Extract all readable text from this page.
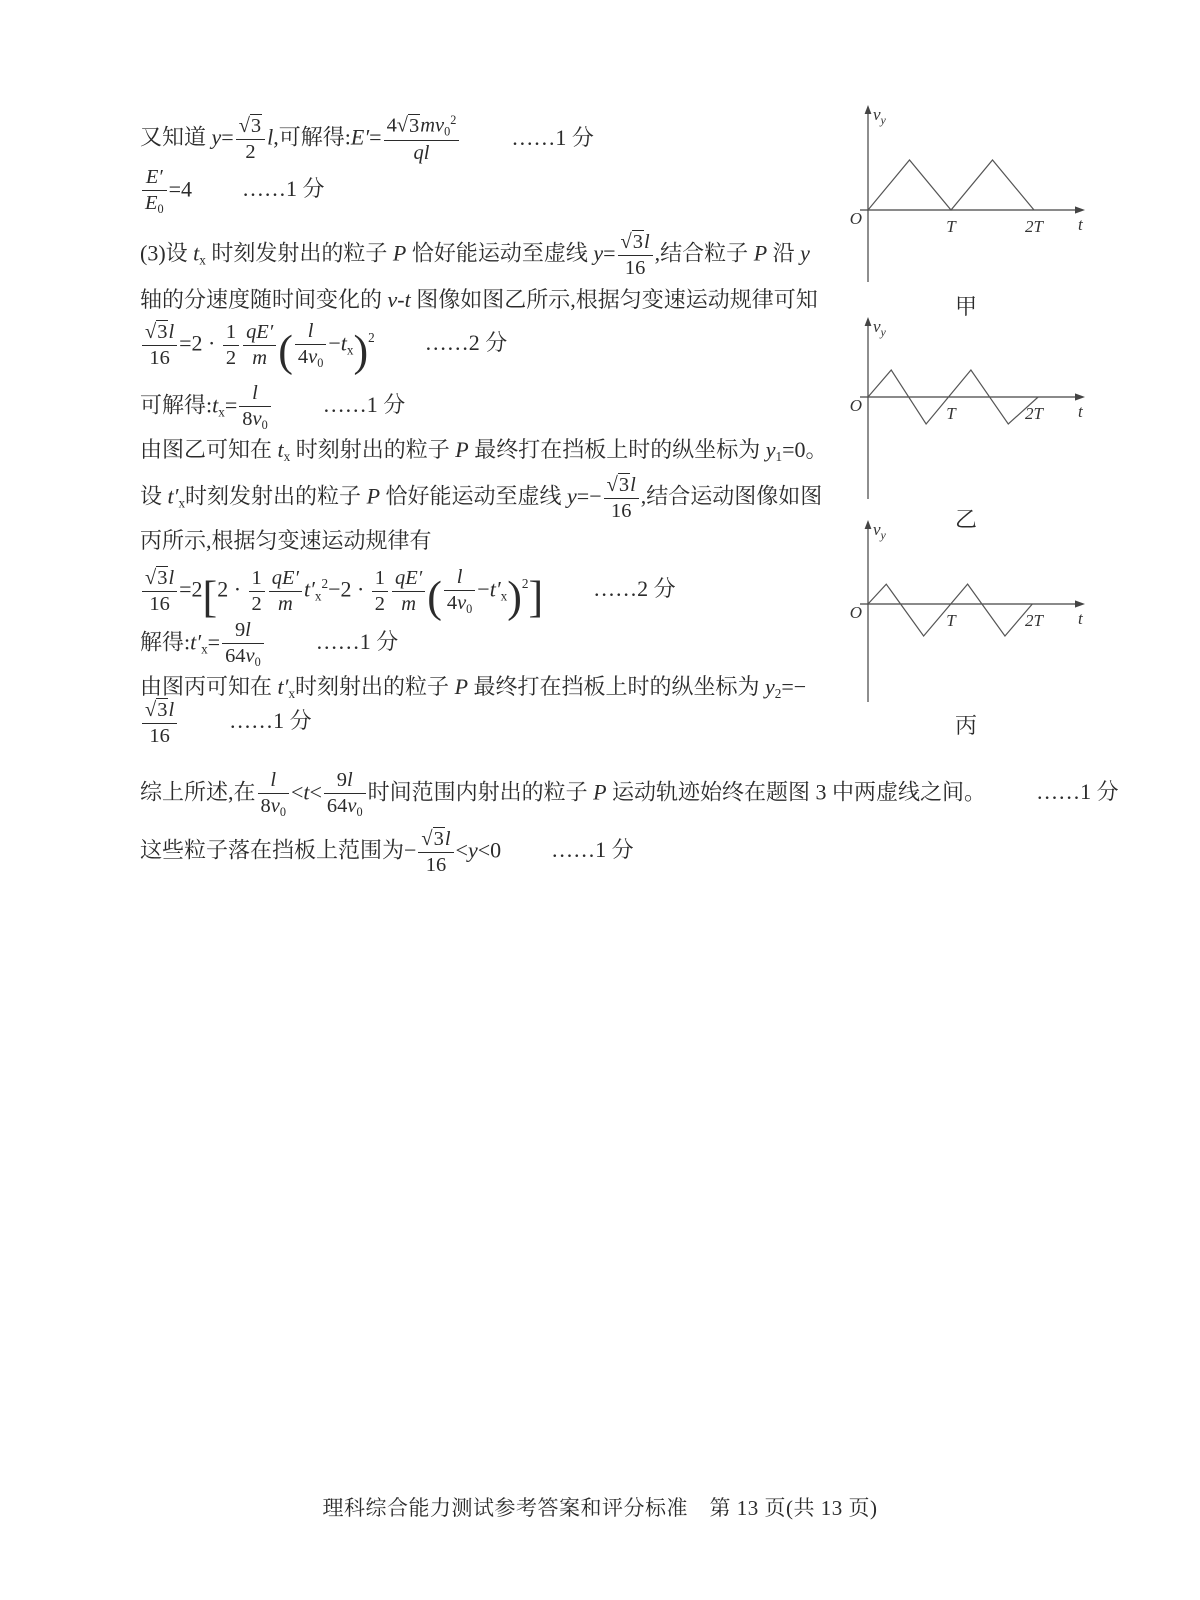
又知道 $y= \frac{√3}{2} l$,可解得:E′= $\frac{4√3mv0^2}{ql}$ ……1 分
$\frac{E'}{E0} =4$ ……1 分
(3)设 tx 时刻发射出的粒子 P 恰好能运动至虚线 $y= \frac{√3l}{16}$ ,结合粒子 P 沿 y
轴的分速度随时间变化的 v-t 图像如图乙所示,根据匀变速运动规律可知
$\frac{√3l}{16} =2 \cdot \frac{1}{2} \frac{qE'}{m}$ ( $\frac{l}{4v0} -tx)^2$ ……2 分
可解得:tx= $\frac{l}{8v0}$ ……1 分
由图乙可知在 tx 时刻射出的粒子 P 最终打在挡板上时的纵坐标为 y1=0。
设 t′x时刻发射出的粒子 P 恰好能运动至虚线 $y=- \frac{√3l}{16}$ ,结合运动图像如图
丙所示,根据匀变速运动规律有
$\frac{√3l}{16} =2[2 \cdot \frac{1}{2} \frac{qE'}{m} t'x^2-2 \cdot \frac{1}{2} \frac{qE'}{m}$ ( $\frac{l}{4v0} -t'x)^2$] ……2 分
解得:t′x= $\frac{9l}{64v0}$ ……1 分
由图丙可知在 t′x时刻射出的粒子 P 最终打在挡板上时的纵坐标为 y2=−
$\frac{√3l}{16}$ ……1 分
综上所述,在 $\frac{l}{8v0} <t< \frac{9l}{64v0}$ 时间范围内射出的粒子 P 运动轨迹始终在题图 3 中两虚线之间。 ……1 分
这些粒子落在挡板上范围为− $\frac{√3l}{16} <y<0$ ……1 分
O	T	2T t
$v_y$
O	T	2T t
$v_y$
O	T	2T t
$v_y$
甲
乙
丙
理科综合能力测试参考答案和评分标准　第 13 页(共 13 页)
